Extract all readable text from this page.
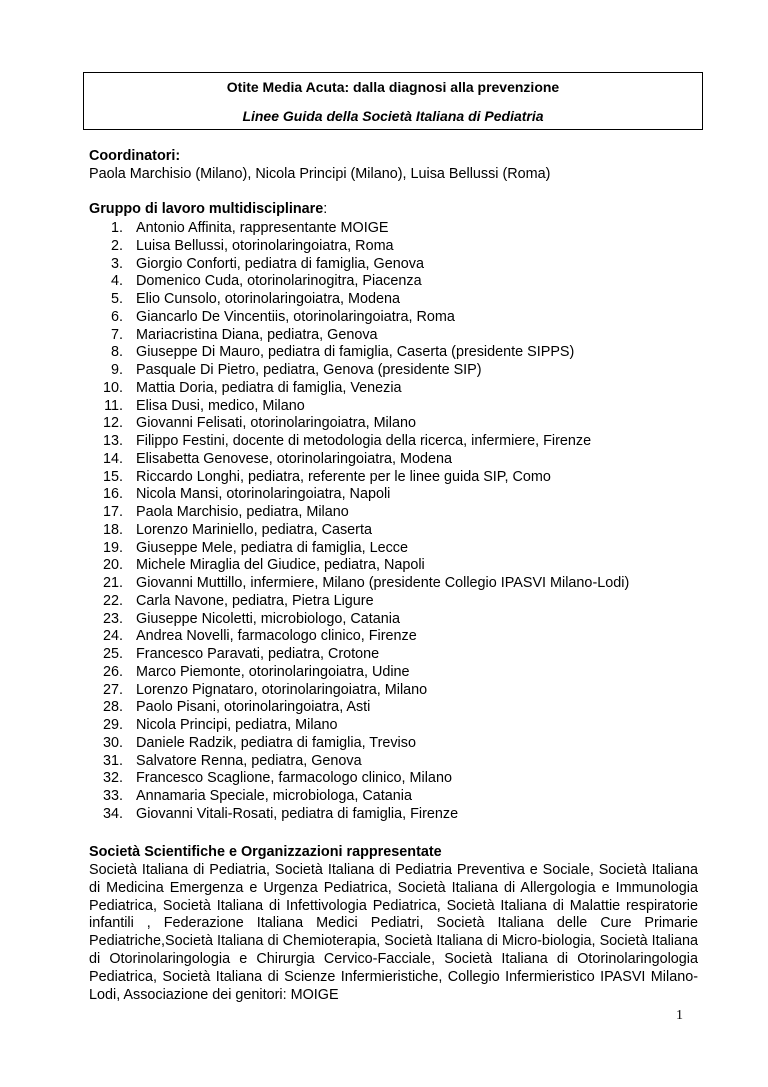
Otite Media Acuta: dalla diagnosi alla prevenzione
Linee Guida della Società Italiana di Pediatria
Coordinatori:
Paola Marchisio (Milano), Nicola Principi (Milano), Luisa Bellussi (Roma)
Gruppo di lavoro multidisciplinare:
1. Antonio Affinita, rappresentante MOIGE
2. Luisa Bellussi, otorinolaringoiatra, Roma
3. Giorgio Conforti, pediatra di famiglia, Genova
4. Domenico Cuda, otorinolarinogitra, Piacenza
5. Elio Cunsolo, otorinolaringoiatra, Modena
6. Giancarlo De Vincentiis, otorinolaringoiatra, Roma
7. Mariacristina Diana, pediatra, Genova
8. Giuseppe Di Mauro, pediatra di famiglia, Caserta (presidente SIPPS)
9. Pasquale Di Pietro, pediatra, Genova (presidente SIP)
10. Mattia Doria, pediatra di famiglia, Venezia
11. Elisa Dusi, medico, Milano
12. Giovanni Felisati, otorinolaringoiatra, Milano
13. Filippo Festini, docente di metodologia della ricerca, infermiere, Firenze
14. Elisabetta Genovese, otorinolaringoiatra, Modena
15. Riccardo Longhi, pediatra, referente per le linee guida SIP, Como
16. Nicola Mansi, otorinolaringoiatra, Napoli
17. Paola Marchisio, pediatra, Milano
18. Lorenzo Mariniello, pediatra, Caserta
19. Giuseppe Mele, pediatra di famiglia, Lecce
20. Michele Miraglia del Giudice, pediatra, Napoli
21. Giovanni Muttillo, infermiere, Milano (presidente Collegio IPASVI Milano-Lodi)
22. Carla Navone, pediatra, Pietra Ligure
23. Giuseppe Nicoletti, microbiologo, Catania
24. Andrea Novelli, farmacologo clinico, Firenze
25. Francesco Paravati, pediatra, Crotone
26. Marco Piemonte, otorinolaringoiatra, Udine
27. Lorenzo Pignataro, otorinolaringoiatra, Milano
28. Paolo Pisani, otorinolaringoiatra, Asti
29. Nicola Principi, pediatra, Milano
30. Daniele Radzik, pediatra di famiglia, Treviso
31. Salvatore Renna, pediatra, Genova
32. Francesco Scaglione, farmacologo clinico, Milano
33. Annamaria Speciale, microbiologa, Catania
34. Giovanni Vitali-Rosati, pediatra di famiglia, Firenze
Società Scientifiche e Organizzazioni rappresentate
Società Italiana di Pediatria, Società Italiana di Pediatria Preventiva e Sociale, Società Italiana di Medicina Emergenza e Urgenza Pediatrica, Società Italiana di Allergologia e Immunologia Pediatrica, Società Italiana di Infettivologia Pediatrica, Società Italiana di Malattie respiratorie infantili , Federazione Italiana Medici Pediatri, Società Italiana delle Cure Primarie Pediatriche,Società Italiana di Chemioterapia, Società Italiana di Micro-biologia, Società Italiana di Otorinolaringologia e Chirurgia Cervico-Facciale, Società Italiana di Otorinolaringologia Pediatrica, Società Italiana di Scienze Infermieristiche, Collegio Infermieristico IPASVI Milano-Lodi, Associazione dei genitori: MOIGE
1
